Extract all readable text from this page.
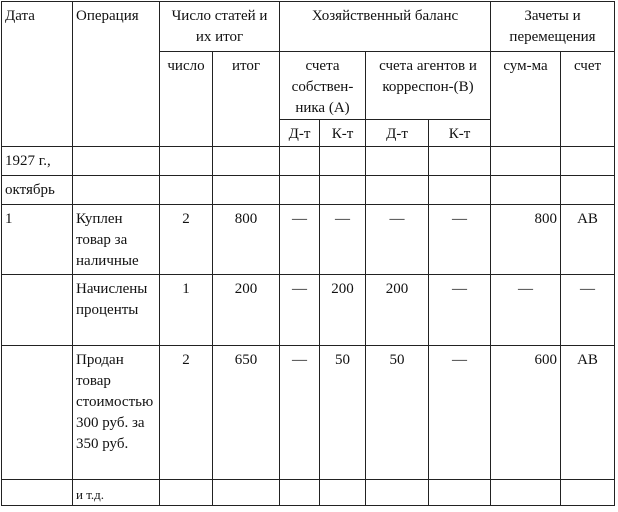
Дата	Операция	Число статей и их итог		Хозяйственный баланс				Зачеты и перемещения	
		число	итог	счета собствен-ника (А)		счета агентов и корреспон-(В)		сум-ма	счет
				Д-т	К-т	Д-т	К-т		
1927 г.,									
октябрь									
1	Куплен товар за наличные	2	800	—	—	—	—	800	АВ
	Начислены проценты	1	200	—	200	200	—	—	—
	Продан товар стоимостью 300 руб. за 350 руб.	2	650	—	50	50	—	600	АВ
	и т.д.								
